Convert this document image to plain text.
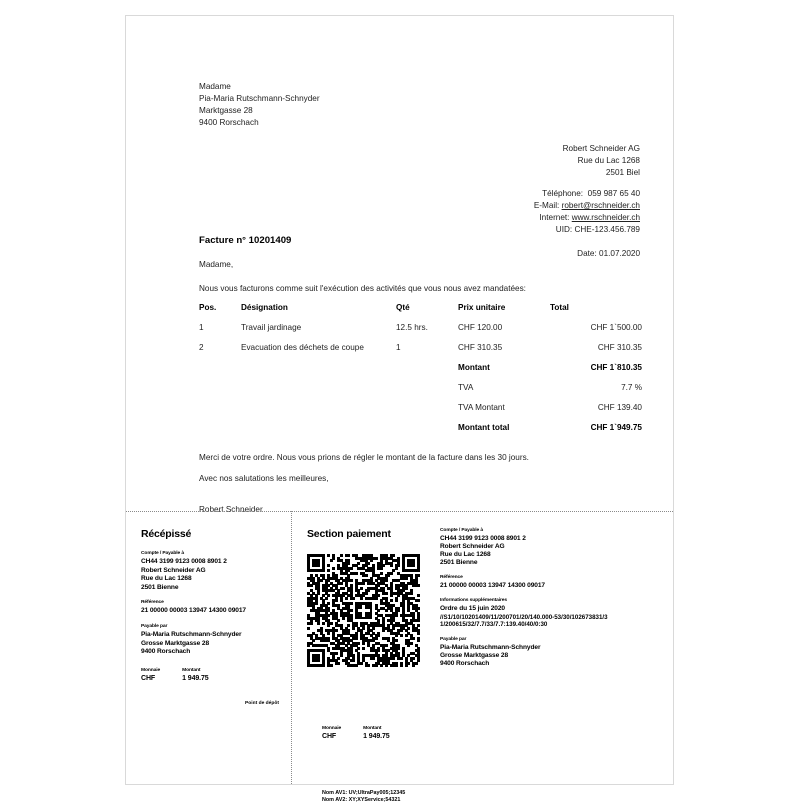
Madame
Pia-Maria Rutschmann-Schnyder
Marktgasse 28
9400 Rorschach
Robert Schneider AG
Rue du Lac 1268
2501 Biel
Téléphone: 059 987 65 40
E-Mail: robert@rschneider.ch
Internet: www.rschneider.ch
UID: CHE-123.456.789
Facture n° 10201409
Date: 01.07.2020
Madame,
Nous vous facturons comme suit l'exécution des activités que vous nous avez mandatées:
Pos.	Désignation	Qté	Prix unitaire	Total
1	Travail jardinage	12.5 hrs.	CHF 120.00	CHF 1`500.00
2	Evacuation des déchets de coupe	1	CHF 310.35	CHF 310.35
			Montant	CHF 1`810.35
			TVA	7.7 %
			TVA Montant	CHF 139.40
			Montant total	CHF 1`949.75
Merci de votre ordre. Nous vous prions de régler le montant de la facture dans les 30 jours.
Avec nos salutations les meilleures,
Robert Schneider
Récépissé
Compte / Payable à
CH44 3199 9123 0008 8901 2
Robert Schneider AG
Rue du Lac 1268
2501 Bienne
Référence
21 00000 00003 13947 14300 09017
Payable par
Pia-Maria Rutschmann-Schnyder
Grosse Marktgasse 28
9400 Rorschach
Monnaie
CHF
Montant
1 949.75
Point de dépôt
Section paiement
Monnaie
CHF
Montant
1 949.75
Nom AV1: UV;UltraPay005;12345
Nom AV2: XY;XYService;54321
Compte / Payable à
CH44 3199 9123 0008 8901 2
Robert Schneider AG
Rue du Lac 1268
2501 Bienne
Référence
21 00000 00003 13947 14300 09017
Informations supplémentaires
Ordre du 15 juin 2020
//S1/10/10201409/11/200701/20/140.000-53/30/102673831/31/200615/32/7.7/33/7.7:139.40/40/0:30
Payable par
Pia-Maria Rutschmann-Schnyder
Grosse Marktgasse 28
9400 Rorschach
